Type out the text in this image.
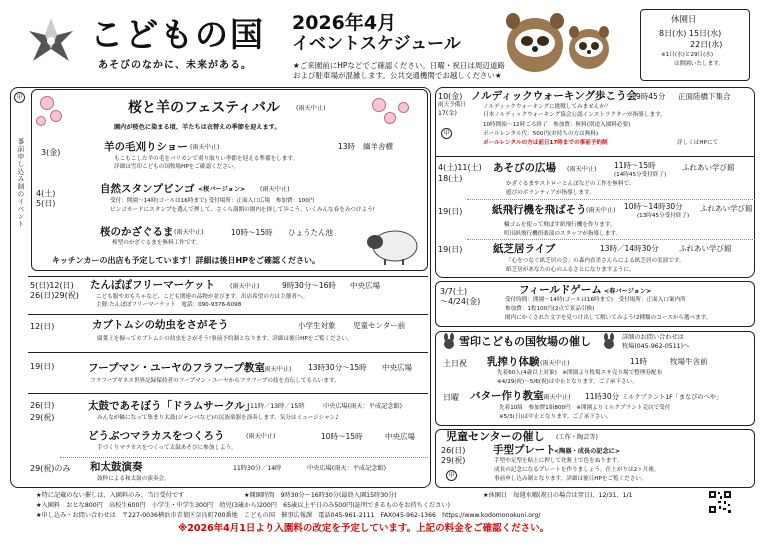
こどもの国
あそびのなかに、未来がある。
2026年4月
イベントスケジュール
★ご来園前にHPなどでご確認ください。日曜・祝日は周辺道路
および駐車場が混雑します。公共交通機関でお越しください★
休園日
8日(水) 15日(水)
22日(水)
※1日(水)と29日(水)
は開園いたします。
事前申し込み制のイベント
申
桜と羊のフェスティバル	(雨天中止)
園内が桜色に染まる頃、羊たちは衣替えの季節を迎えます。
3(金)	羊の毛刈りショー (雨天中止)	13時 緬羊舎横
もこもこした羊の毛をバリカンで刈り取りい季節を迎える準備をします。
詳細は雪印こどもの国牧場HPをご確認ください。
4(土)
5(日)
自然スタンプビンゴ <桜バージョン> (雨天中止)
受付：開園～14時(ゴールは16時まで) 受付場所：正面入口広場　参加費：100円
ビンゴカードにスタンプを選んで押して、さくら満開の園内を探して歩こう。いくみんな春をみつけよう!
桜のかざぐるま (雨天中止)	10時～15時 ひょうたん池
桜型のかざぐるまを無料工作です。
キッチンカーの出店も予定しています！詳細は後日HPをご確認ください。
5(日)12(日)
26(日)29(祝)
たんぽぽフリーマーケット (雨天中止)	9時30分～16時 中央広場
こども服やおもちゃなど、こども関連の品物が並びます。出店希望の方は主催者へ。
主催:たんぽぽフリーマーケット　電話：090-9376-6098
12(日)	カブトムシの幼虫をさがそう	小学生対象 児童センター前
腐葉土を掘ってカブトムシの幼虫をさがそう!事前予約制となります。詳細は後日HPをご覧ください。
19(日)	フープマン・ユーヤのフラフープ教室
(雨天中止) 13時30分～15時 中央広場
フラフープギネス世界記録保持者のフープマン・ユーヤからフラフープの技を直伝してもらいます。
26(日)
29(祝)
太鼓であそぼう「ドラムサークル」
11時／13時／15時	中央広場(雨天：平成記念館)
みんなが輪になって集まり太鼓(ジャンベなど)の民族楽器を演奏します。気分はミュージシャン♪
どうぶつマラカスをつくろう	(雨天中止)	10時～15時	中央広場
手づくりマラカスをつくって太鼓あそびに参加しよう。
29(祝)のみ 和太鼓演奏	11時30分／14時	中央広場(雨天：平成記念館)
鼓粋による和太鼓の演奏会。
申
10(金)
雨天予備日
17(金)
ノルディックウォーキング歩こう会
9時45分 正面陸橋下集合
ノルディックウォーキングに挑戦してみませんか？
日本ノルディックウォーキング協会公認インストラクターが指導します。
10時開始～12時ごろ終了　参加費：無料(別途入園料必要)
ポールレンタル代：500円(お持ちの方は無料)
ポールレンタルの方は前日17時までの事前予約制	詳しくはHPにて
4(土)11(土)
18(土)
あそびの広場 (雨天中止) 11時～15時
(14時45分受付終了)
ふれあい学び館
かざぐるまやストローとんぼなどの工作を無料で、
遊びのボランティアが指導します。
19(日)	紙飛行機を飛ばそう (雨天中止) 10時～14時30分
(13時45分受付終了)
ふれあい学び館
輪ゴムを使って飛ばす紙飛行機を作ります。
町田紙飛行機倶楽部のスタッフが指導します。
19(日)	紙芝居ライブ	13時／14時30分	ふれあい学び館
「心をつなぐ紙芝居の会」の森内直美さんらによる紙芝居の実演です。
紙芝居があなたの心のふるさとになりますように。
3/7(土)
～4/24(金)
フィールドゲーム <春バージョン>
受付時間：開園～14時(ゴールは16時まで)　受付場所：正面入口案内所
参加費：1枚100円(2点で景品引換)
園内にかくされた文字を見つけ出して解いてみよう!2種類のコースから選べます。
雪印こどもの国牧場の催し	詳細のお問い合わせは
牧場(045-962-0511)へ
土日祝 乳搾り体験 (雨天中止)	11時	牧場牛舎前
先着60人(4歳以上対象)　※開園より牧場エサ売り場で整理券配布
※4/29(祝)～5/6(祝)は中止となります。ご了承下さい。
日曜 バター作り教室
(雨天中止) 11時30分 ミルクプラント1F「まなびのへや」
先着10組　参加費1組800円　※開園よりミルクプラント売店で受付
※5/3(日)は中止となります。ご了承下さい。
児童センターの催し (工作・陶芸等)
26(日)
29(祝)
申
手型プレート
<陶器・成長の記念に>
手型や足型を粘土に押して化粧土で色をぬります。
成長の記念になるプレートを作りましょう。仕上がりは2ヶ月後。
事前申し込み制となります。詳細は後日HPをご覧ください。
★特に記載のない催しは、入園料のみ、当日受付です	★開園時間　9時30分～16時30分(最終入園15時30分)	★休園日　毎週水曜(祝日の場合は翌日)、12/31、1/1
★入園料　おとな800円　高校生600円　小学生・中学生300円　幼児(3歳から)200円　65歳以上平日のみ500円(証明できるものをお持ちください)
★申し込み・お問い合わせは　〒227-0036横浜市青葉区奈良町700番地　こどもの国　催事広報課　電話045-961-2111　FAX045-962-1366　https://www.kodomonokuni.org/
※2026年4月1日より入園料の改定を予定しています。上記の料金をご確認ください。
